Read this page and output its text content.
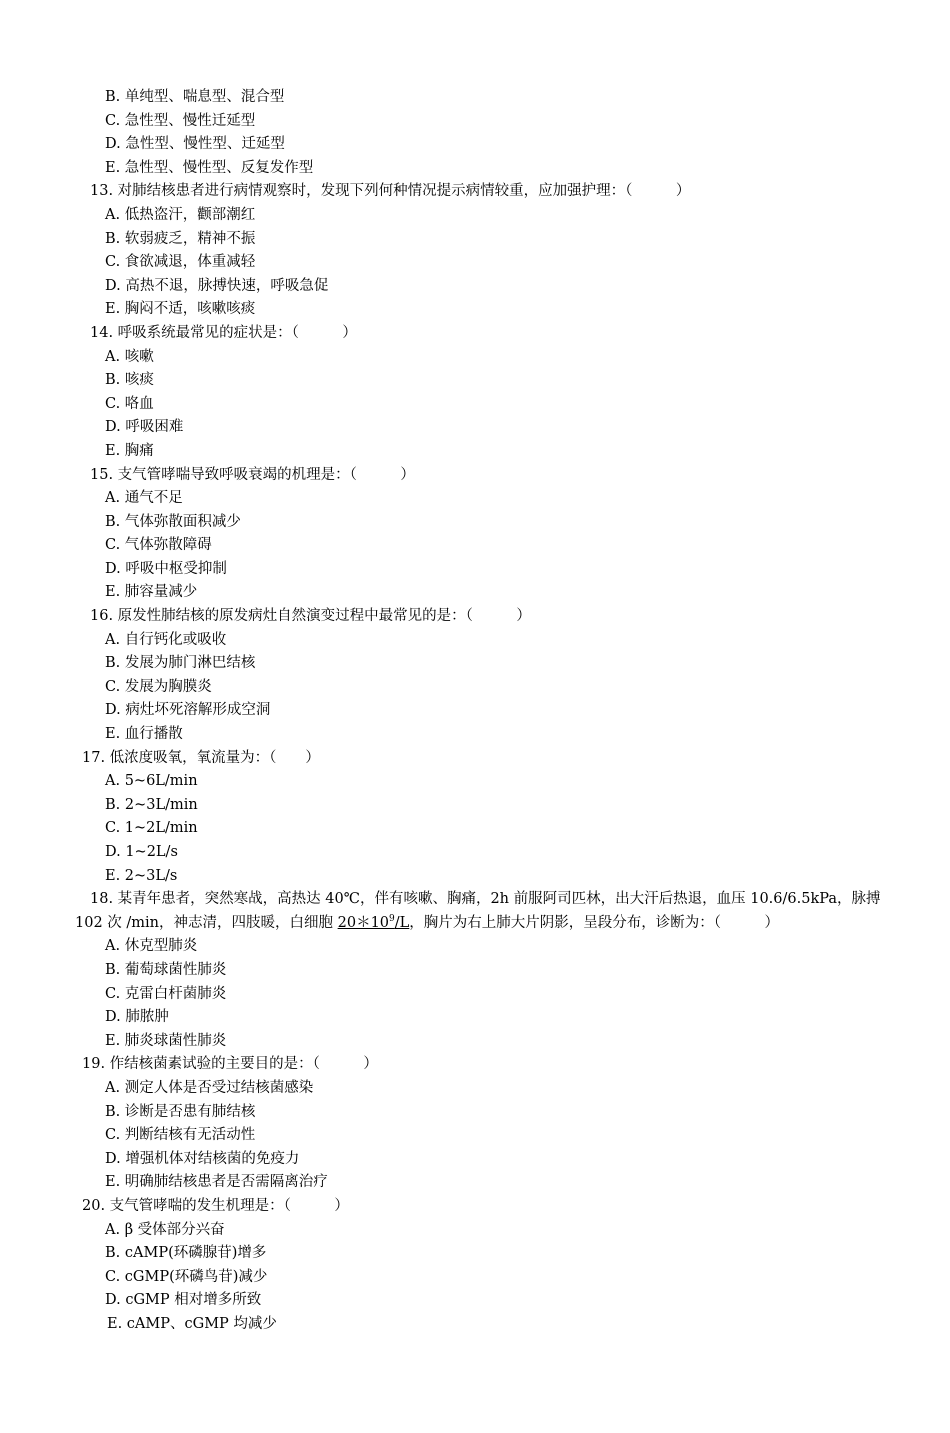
B. 单纯型、喘息型、混合型
C. 急性型、慢性迁延型
D. 急性型、慢性型、迁延型
E. 急性型、慢性型、反复发作型
13. 对肺结核患者进行病情观察时，发现下列何种情况提示病情较重，应加强护理：（　　　）
A. 低热盗汗，颧部潮红
B. 软弱疲乏，精神不振
C. 食欲减退，体重减轻
D. 高热不退，脉搏快速，呼吸急促
E. 胸闷不适，咳嗽咳痰
14. 呼吸系统最常见的症状是：（　　　）
A. 咳嗽
B. 咳痰
C. 咯血
D. 呼吸困难
E. 胸痛
15. 支气管哮喘导致呼吸衰竭的机理是：（　　　）
A. 通气不足
B. 气体弥散面积减少
C. 气体弥散障碍
D. 呼吸中枢受抑制
E. 肺容量减少
16. 原发性肺结核的原发病灶自然演变过程中最常见的是：（　　　）
A. 自行钙化或吸收
B. 发展为肺门淋巴结核
C. 发展为胸膜炎
D. 病灶坏死溶解形成空洞
E. 血行播散
17. 低浓度吸氧，氧流量为：（　　）
A. 5~6L/min
B. 2~3L/min
C. 1~2L/min
D. 1~2L/s
E. 2~3L/s
18. 某青年患者，突然寒战，高热达 40℃，伴有咳嗽、胸痛，2h 前服阿司匹林，出大汗后热退，血压 10.6/6.5kPa，脉搏
102 次 /min，神志清，四肢暖，白细胞 $20*10^9/L$，胸片为右上肺大片阴影，呈段分布，诊断为：（　　　）
A. 休克型肺炎
B. 葡萄球菌性肺炎
C. 克雷白杆菌肺炎
D. 肺脓肿
E. 肺炎球菌性肺炎
19. 作结核菌素试验的主要目的是：（　　　）
A. 测定人体是否受过结核菌感染
B. 诊断是否患有肺结核
C. 判断结核有无活动性
D. 增强机体对结核菌的免疫力
E. 明确肺结核患者是否需隔离治疗
20. 支气管哮喘的发生机理是：（　　　）
A. β 受体部分兴奋
B. cAMP(环磷腺苷)增多
C. cGMP(环磷鸟苷)减少
D. cGMP 相对增多所致
E. cAMP、cGMP 均减少
